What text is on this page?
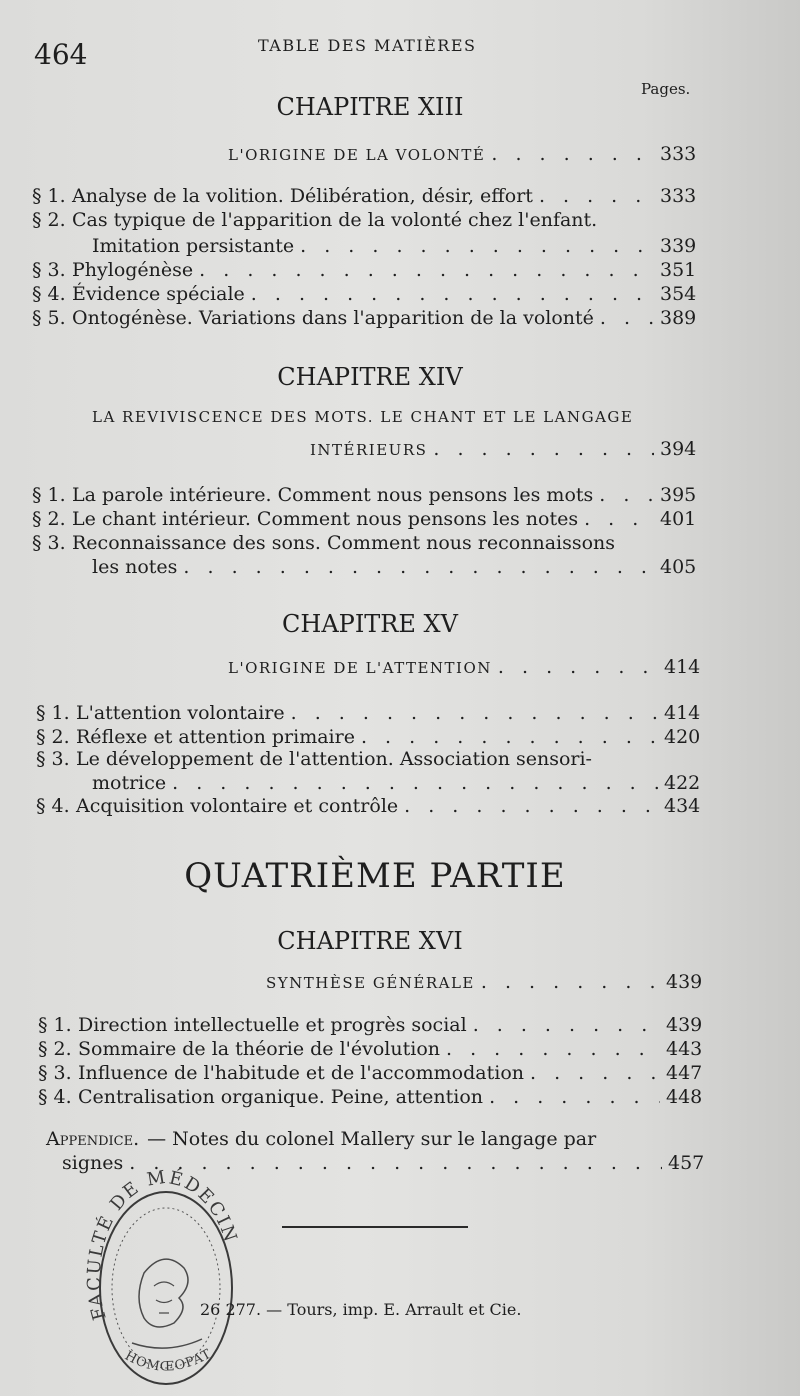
464	TABLE DES MATIÈRES
Pages.
CHAPITRE XIII
L'ORIGINE DE LA VOLONTÉ . . .	333
§ 1. Analyse de la volition. Délibération, désir, effort . . .	333
§ 2. Cas typique de l'apparition de la volonté chez l'enfant.
Imitation persistante . . .	339
§ 3. Phylogénèse . . .	351
§ 4. Évidence spéciale . . .	354
§ 5. Ontogénèse. Variations dans l'apparition de la volonté . . .	389
CHAPITRE XIV
LA REVIVISCENCE DES MOTS. LE CHANT ET LE LANGAGE
INTÉRIEURS . . .	394
§ 1. La parole intérieure. Comment nous pensons les mots . . .	395
§ 2. Le chant intérieur. Comment nous pensons les notes . . .	401
§ 3. Reconnaissance des sons. Comment nous reconnaissons
les notes . . .	405
CHAPITRE XV
L'ORIGINE DE L'ATTENTION . . .	414
§ 1. L'attention volontaire . . .	414
§ 2. Réflexe et attention primaire . . .	420
§ 3. Le développement de l'attention. Association sensori-
motrice . . .	422
§ 4. Acquisition volontaire et contrôle . . .	434
QUATRIÈME PARTIE
CHAPITRE XVI
SYNTHÈSE GÉNÉRALE . . .	439
§ 1. Direction intellectuelle et progrès social . . .	439
§ 2. Sommaire de la théorie de l'évolution . . .	443
§ 3. Influence de l'habitude et de l'accommodation . . .	447
§ 4. Centralisation organique. Peine, attention . . .	448
Appendice. — Notes du colonel Mallery sur le langage par
signes . . .	457
FACULTÉ DE MÉDECIN
HOMŒOPAT
26 277. — Tours, imp. E. Arrault et Cie.
